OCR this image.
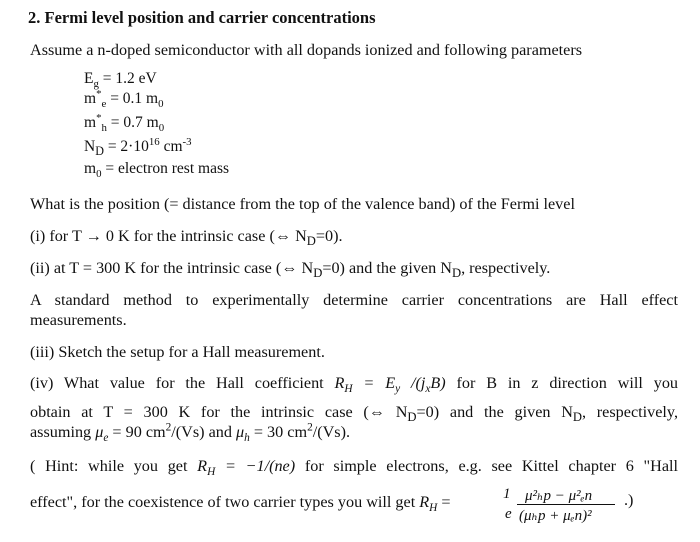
2. Fermi level position and carrier concentrations
Assume a n-doped semiconductor with all dopands ionized and following parameters
$E_g = 1.2$ eV
$m^*_e = 0.1$ $m_0$
$m^*_h = 0.7$ $m_0$
$N_D = 2\cdot 10^{16}$ $cm^{-3}$
$m_0$ = electron rest mass
What is the position (= distance from the top of the valence band) of the Fermi level
(i) for T → 0 K for the intrinsic case (⇔ $N_D=0$).
(ii) at T = 300 K for the intrinsic case (⇔ $N_D=0$) and the given $N_D$, respectively.
A standard method to experimentally determine carrier concentrations are Hall effect
measurements.
(iii) Sketch the setup for a Hall measurement.
(iv) What value for the Hall coefficient $R_H = E_y$ $/(j_xB)$ for B in z direction will you
obtain at T = 300 K for the intrinsic case (⇔ $N_D=0$) and the given $N_D$, respectively,
assuming $\mu_e = 90$ $cm^2/(Vs)$ and $\mu_h = 30$ $cm^2/(Vs)$.
( Hint: while you get $R_H = -1/(ne)$ for simple electrons, e.g. see Kittel chapter 6 "Hall
effect", for the coexistence of two carrier types you will get $R_H$ =	1 μ²ₕp − μ²ₑn
e (μₕp + μₑn)²
.)
